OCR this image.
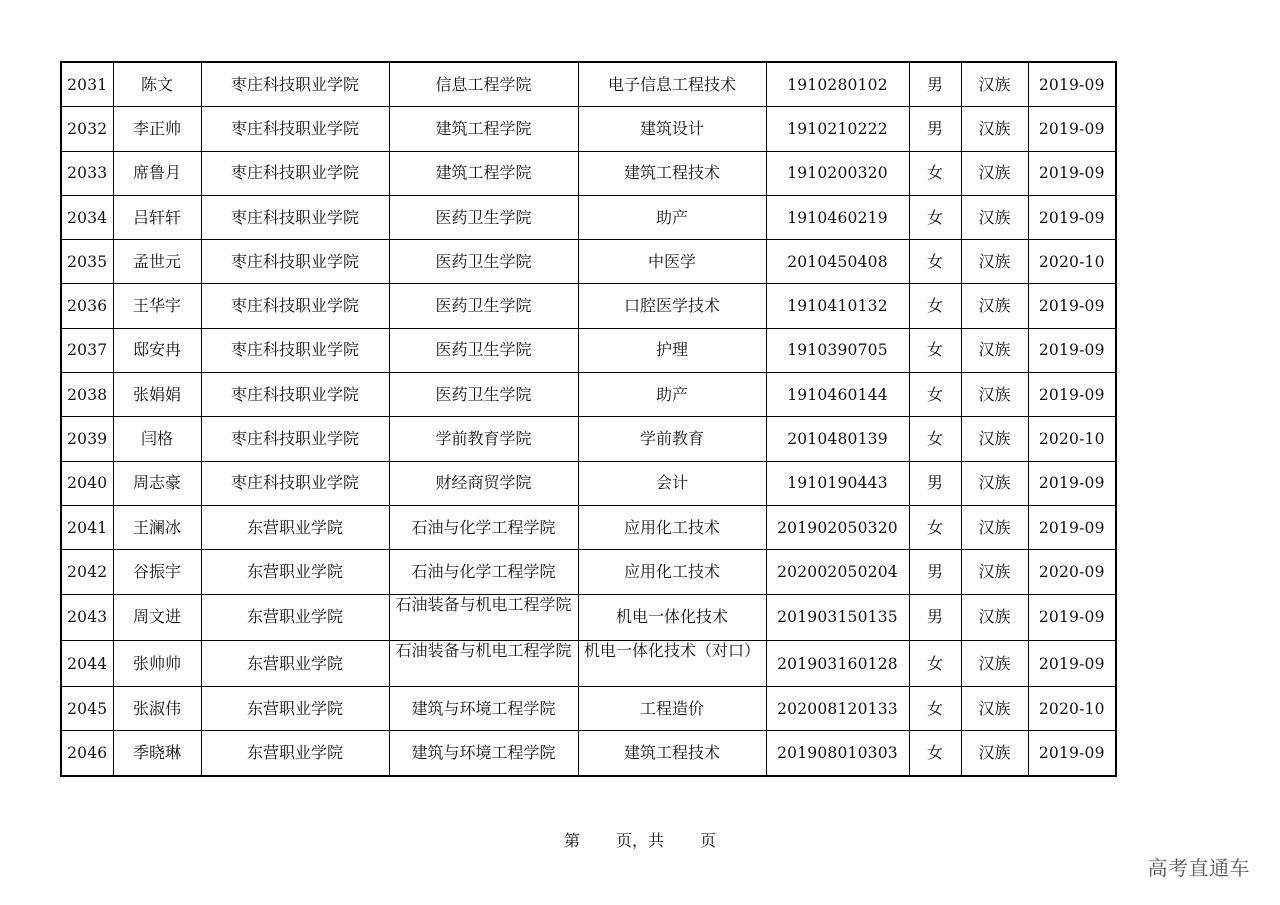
2031	陈文	枣庄科技职业学院	信息工程学院	电子信息工程技术	1910280102	男	汉族	2019-09
2032	李正帅	枣庄科技职业学院	建筑工程学院	建筑设计	1910210222	男	汉族	2019-09
2033	席鲁月	枣庄科技职业学院	建筑工程学院	建筑工程技术	1910200320	女	汉族	2019-09
2034	吕轩轩	枣庄科技职业学院	医药卫生学院	助产	1910460219	女	汉族	2019-09
2035	孟世元	枣庄科技职业学院	医药卫生学院	中医学	2010450408	女	汉族	2020-10
2036	王华宇	枣庄科技职业学院	医药卫生学院	口腔医学技术	1910410132	女	汉族	2019-09
2037	邸安冉	枣庄科技职业学院	医药卫生学院	护理	1910390705	女	汉族	2019-09
2038	张娟娟	枣庄科技职业学院	医药卫生学院	助产	1910460144	女	汉族	2019-09
2039	闫格	枣庄科技职业学院	学前教育学院	学前教育	2010480139	女	汉族	2020-10
2040	周志豪	枣庄科技职业学院	财经商贸学院	会计	1910190443	男	汉族	2019-09
2041	王澜冰	东营职业学院	石油与化学工程学院	应用化工技术	201902050320	女	汉族	2019-09
2042	谷振宇	东营职业学院	石油与化学工程学院	应用化工技术	202002050204	男	汉族	2020-09
2043	周文进	东营职业学院	石油装备与机电工程学院	机电一体化技术	201903150135	男	汉族	2019-09
2044	张帅帅	东营职业学院	石油装备与机电工程学院	机电一体化技术（对口）	201903160128	女	汉族	2019-09
2045	张淑伟	东营职业学院	建筑与环境工程学院	工程造价	202008120133	女	汉族	2020-10
2046	季晓琳	东营职业学院	建筑与环境工程学院	建筑工程技术	201908010303	女	汉族	2019-09
第 页，共 页
高考直通车
